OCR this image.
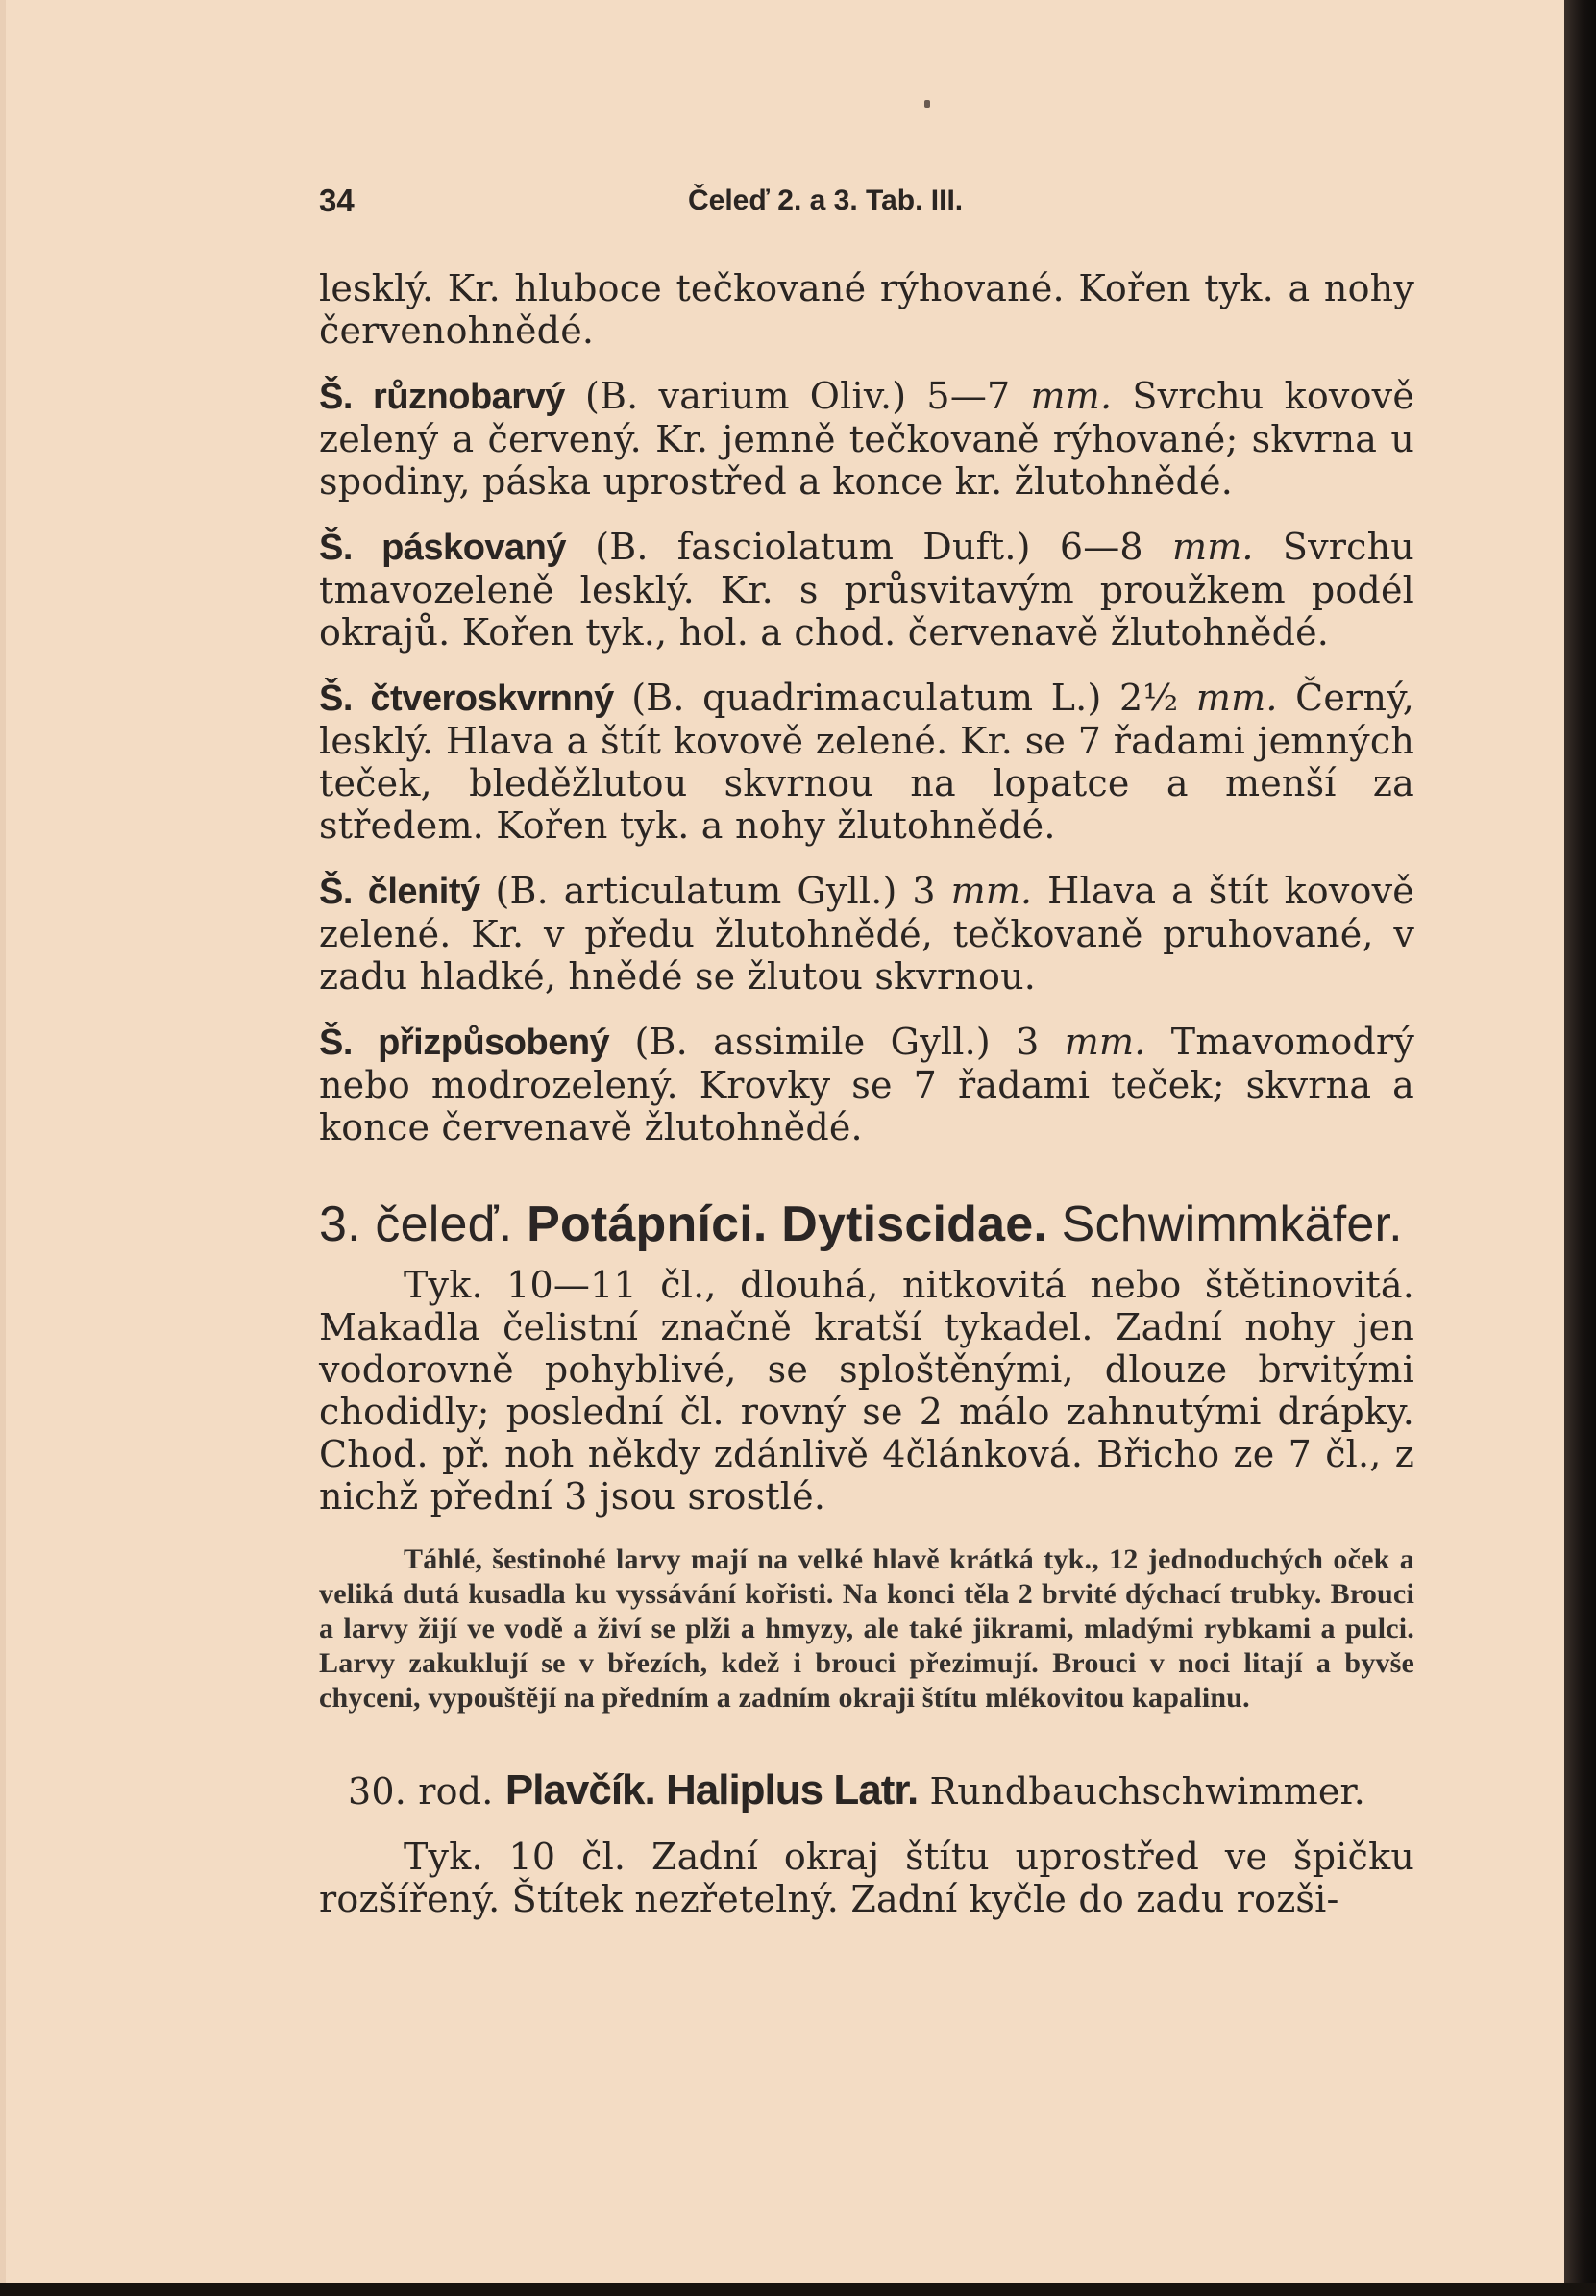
34	Čeleď 2. a 3. Tab. III.

lesklý. Kr. hluboce tečkované rýhované. Kořen tyk. a nohy červenohnědé.

Š. různobarvý (B. varium Oliv.) 5—7 mm. Svrchu kovově zelený a červený. Kr. jemně tečkovaně rýhované; skvrna u spodiny, páska uprostřed a konce kr. žlutohnědé.

Š. páskovaný (B. fasciolatum Duft.) 6—8 mm. Svrchu tmavozeleně lesklý. Kr. s průsvitavým proužkem podél okrajů. Kořen tyk., hol. a chod. červenavě žlutohnědé.

Š. čtveroskvrnný (B. quadrimaculatum L.) 2½ mm. Černý, lesklý. Hlava a štít kovově zelené. Kr. se 7 řadami jemných teček, bleděžlutou skvrnou na lopatce a menší za středem. Kořen tyk. a nohy žlutohnědé.

Š. členitý (B. articulatum Gyll.) 3 mm. Hlava a štít kovově zelené. Kr. v předu žlutohnědé, tečkovaně pruhované, v zadu hladké, hnědé se žlutou skvrnou.

Š. přizpůsobený (B. assimile Gyll.) 3 mm. Tmavomodrý nebo modrozelený. Krovky se 7 řadami teček; skvrna a konce červenavě žlutohnědé.

3. čeleď. Potápníci. Dytiscidae. Schwimmkäfer.

Tyk. 10—11 čl., dlouhá, nitkovitá nebo štětinovitá. Makadla čelistní značně kratší tykadel. Zadní nohy jen vodorovně pohyblivé, se sploštěnými, dlouze brvitými chodidly; poslední čl. rovný se 2 málo zahnutými drápky. Chod. př. noh někdy zdánlivě 4článková. Břicho ze 7 čl., z nichž přední 3 jsou srostlé.

Táhlé, šestinohé larvy mají na velké hlavě krátká tyk., 12 jednoduchých oček a veliká dutá kusadla ku vyssávání kořisti. Na konci těla 2 brvité dýchací trubky. Brouci a larvy žijí ve vodě a živí se plži a hmyzy, ale také jikrami, mladými rybkami a pulci. Larvy zakuklují se v březích, kdež i brouci přezimují. Brouci v noci litají a byvše chyceni, vypouštějí na předním a zadním okraji štítu mlékovitou kapalinu.

30. rod. Plavčík. Haliplus Latr. Rundbauchschwimmer.

Tyk. 10 čl. Zadní okraj štítu uprostřed ve špičku rozšířený. Štítek nezřetelný. Zadní kyčle do zadu rozši-
